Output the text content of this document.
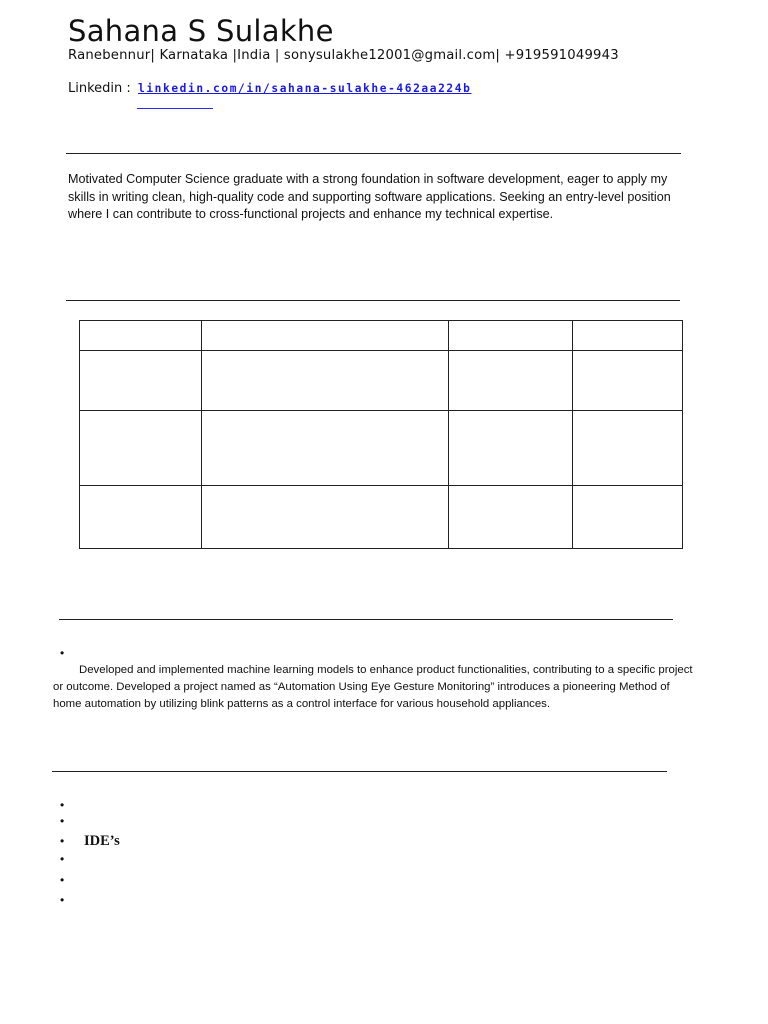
Sahana S Sulakhe
Ranebennur| Karnataka |India | sonysulakhe12001@gmail.com| +919591049943
Linkedin : linkedin.com/in/sahana-sulakhe-462aa224b
Motivated Computer Science graduate with a strong foundation in software development, eager to apply my skills in writing clean, high-quality code and supporting software applications. Seeking an entry-level position where I can contribute to cross-functional projects and enhance my technical expertise.

•
Developed and implemented machine learning models to enhance product functionalities, contributing to a specific project or outcome. Developed a project named as “Automation Using Eye Gesture Monitoring” introduces a pioneering Method of home automation by utilizing blink patterns as a control interface for various household appliances.
•
•
• IDE’s
•
•
•
